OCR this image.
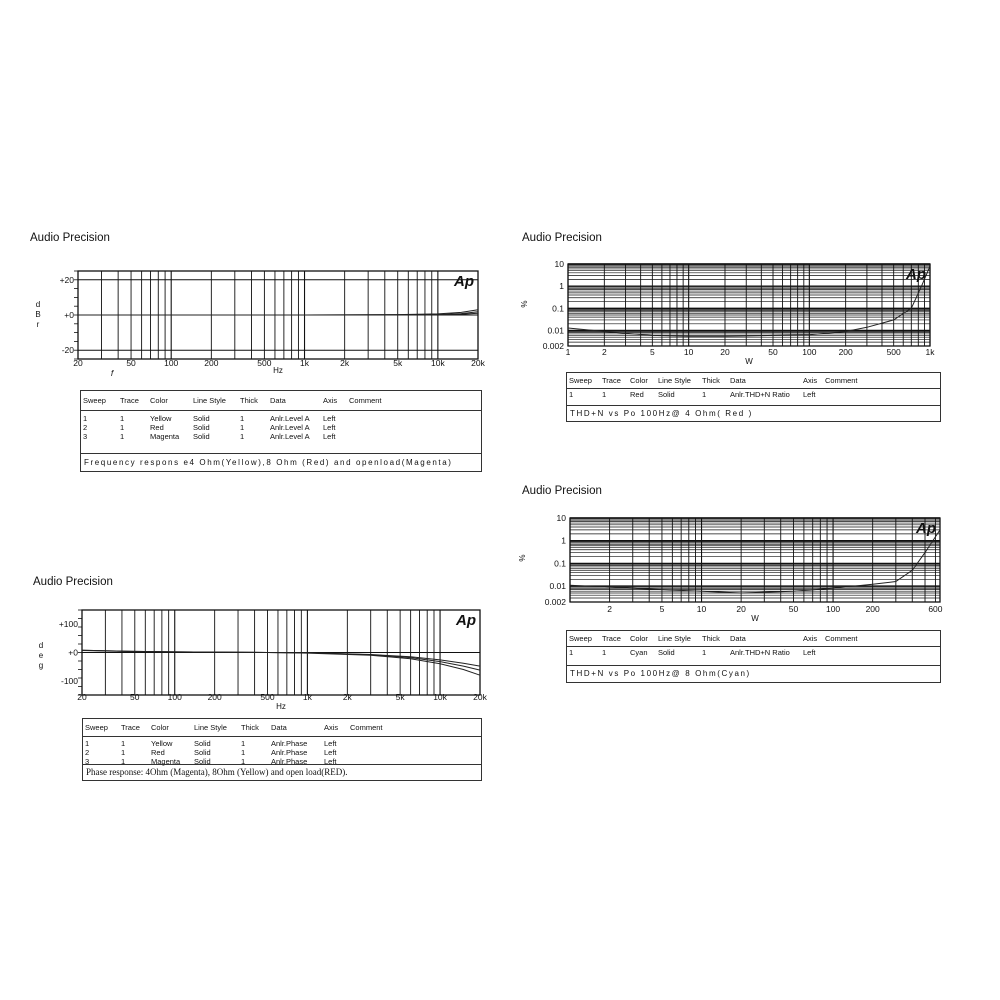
Audio Precision
20	50	100	200	500	1k	2k	5k	10k	20k
+20
+0
-20
Hz
d B r
f
Ap
Sweep	Trace	Color	Line Style	Thick	Data	Axis	Comment
1	1	Yellow	Solid	1	Anlr.Level A	Left	
2	1	Red	Solid	1	Anlr.Level A	Left	
3	1	Magenta	Solid	1	Anlr.Level A	Left	
Frequency respons e4 Ohm(Yellow),8 Ohm (Red) and openload(Magenta)
Audio Precision
20	50	100	200	500	1k	2k	5k	10k	20k
+100
+0
-100
Hz
d e g
Ap
Sweep	Trace	Color	Line Style	Thick	Data	Axis	Comment
1	1	Yellow	Solid	1	Anlr.Phase	Left	
2	1	Red	Solid	1	Anlr.Phase	Left	
3	1	Magenta	Solid	1	Anlr.Phase	Left	
Phase response: 4Ohm (Magenta), 8Ohm (Yellow) and open load(RED).
Audio Precision
1	2	5	10	20	50	100	200	500	1k
10
1
0.1
0.01
0.002
W
%
Ap
Sweep	Trace	Color	Line Style	Thick	Data	Axis	Comment
1	1	Red	Solid	1	Anlr.THD+N Ratio	Left	
THD+N vs Po 100Hz@ 4 Ohm( Red )
Audio Precision
2	5	10	20	50	100	200	600
10
1
0.1
0.01
0.002
W
%
Ap
Sweep	Trace	Color	Line Style	Thick	Data	Axis	Comment
1	1	Cyan	Solid	1	Anlr.THD+N Ratio	Left	
THD+N vs Po 100Hz@ 8 Ohm(Cyan)
